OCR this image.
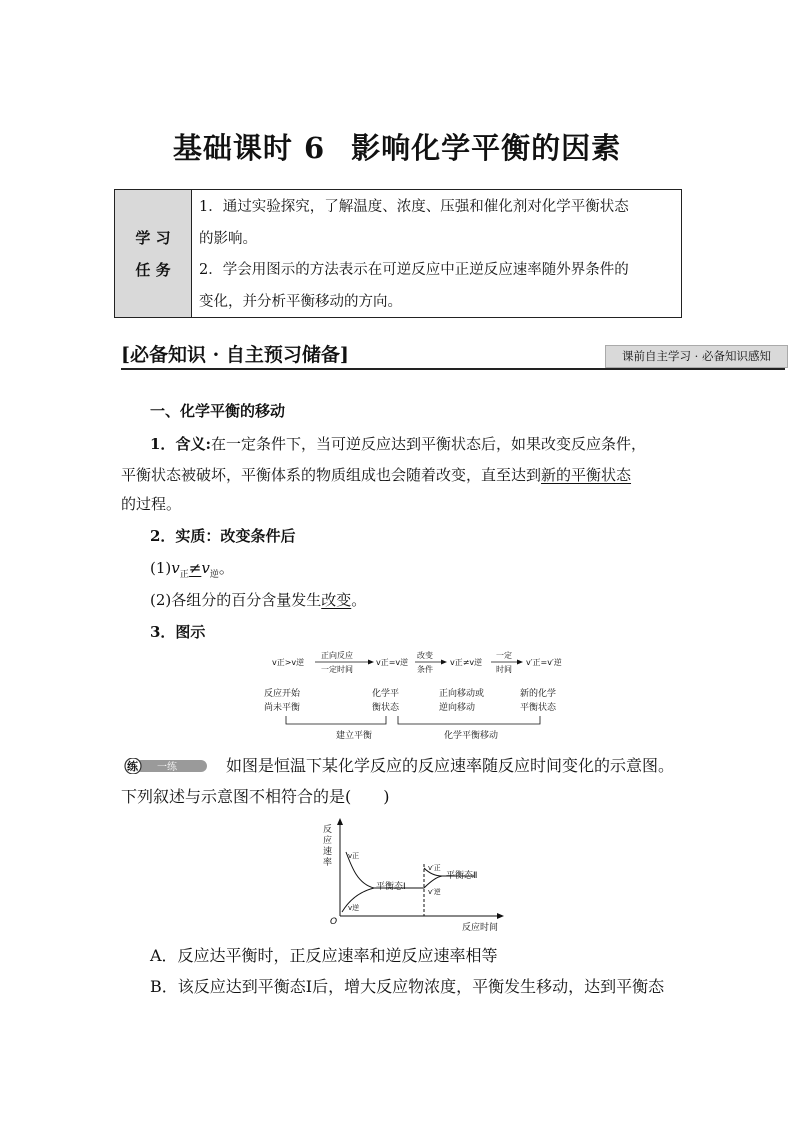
基础课时 6 影响化学平衡的因素
学 习
任 务
1．通过实验探究，了解温度、浓度、压强和催化剂对化学平衡状态
的影响。
2．学会用图示的方法表示在可逆反应中正逆反应速率随外界条件的
变化，并分析平衡移动的方向。
[必备知识 · 自主预习储备]	课前自主学习 · 必备知识感知
一、化学平衡的移动
1．含义:在一定条件下，当可逆反应达到平衡状态后，如果改变反应条件，
平衡状态被破坏，平衡体系的物质组成也会随着改变，直至达到新的平衡状态
的过程。
2．实质：改变条件后
$(1)v_正\ne v_逆$。
(2)各组分的百分含量发生改变。
3．图示
v正>v逆
正向反应
一定时间
v正=v逆
改变
条件
v正≠v逆
一定
时间
v′正=v′逆
反应开始
尚未平衡
化学平
衡状态
正向移动或
逆向移动
新的化学
平衡状态
建立平衡	化学平衡移动
练 一练	如图是恒温下某化学反应的反应速率随反应时间变化的示意图。
下列叙述与示意图不相符合的是(　　)
反
应
速
率
O
反应时间
v正
v逆
平衡态Ⅰ
v′正
v′逆
平衡态Ⅱ
A．反应达平衡时，正反应速率和逆反应速率相等
B．该反应达到平衡态Ⅰ后，增大反应物浓度，平衡发生移动，达到平衡态
